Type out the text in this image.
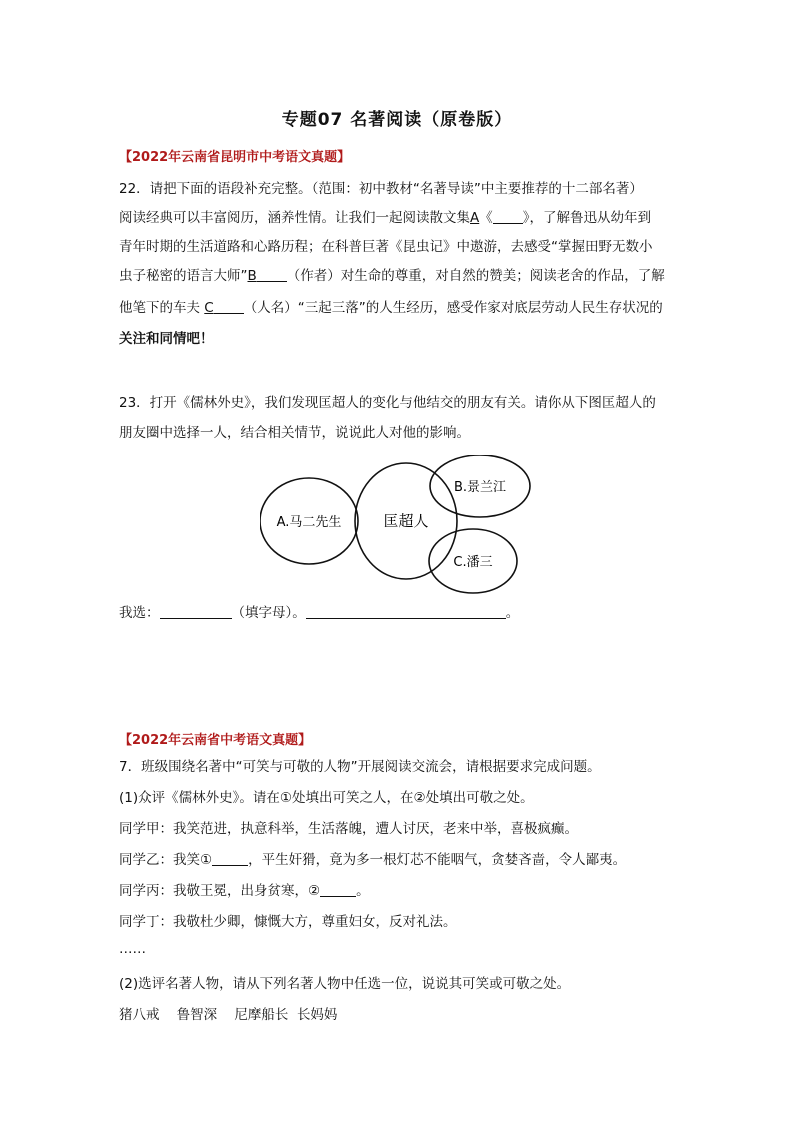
专题07 名著阅读（原卷版）
【2022年云南省昆明市中考语文真题】
22．请把下面的语段补充完整。（范围：初中教材“名著导读”中主要推荐的十二部名著）
阅读经典可以丰富阅历，涵养性情。让我们一起阅读散文集A《 》，了解鲁迅从幼年到
青年时期的生活道路和心路历程；在科普巨著《昆虫记》中遨游，去感受“掌握田野无数小
虫子秘密的语言大师”B （作者）对生命的尊重，对自然的赞美；阅读老舍的作品，了解
他笔下的车夫 C （人名）“三起三落”的人生经历，感受作家对底层劳动人民生存状况的
关注和同情吧！
23．打开《儒林外史》，我们发现匡超人的变化与他结交的朋友有关。请你从下图匡超人的
朋友圈中选择一人，结合相关情节，说说此人对他的影响。
A.马二先生	匡超人
B.景兰江
C.潘三
我选：	（填字母）。	。
【2022年云南省中考语文真题】
7．班级围绕名著中“可笑与可敬的人物”开展阅读交流会，请根据要求完成问题。
(1)众评《儒林外史》。请在①处填出可笑之人，在②处填出可敬之处。
同学甲：我笑范进，执意科举，生活落魄，遭人讨厌，老来中举，喜极疯癫。
同学乙：我笑①	，平生奸猾，竟为多一根灯芯不能咽气，贪婪吝啬，令人鄙夷。
同学丙：我敬王冕，出身贫寒，②	。
同学丁：我敬杜少卿，慷慨大方，尊重妇女，反对礼法。
……
(2)选评名著人物，请从下列名著人物中任选一位，说说其可笑或可敬之处。
猪八戒 鲁智深 尼摩船长 长妈妈
